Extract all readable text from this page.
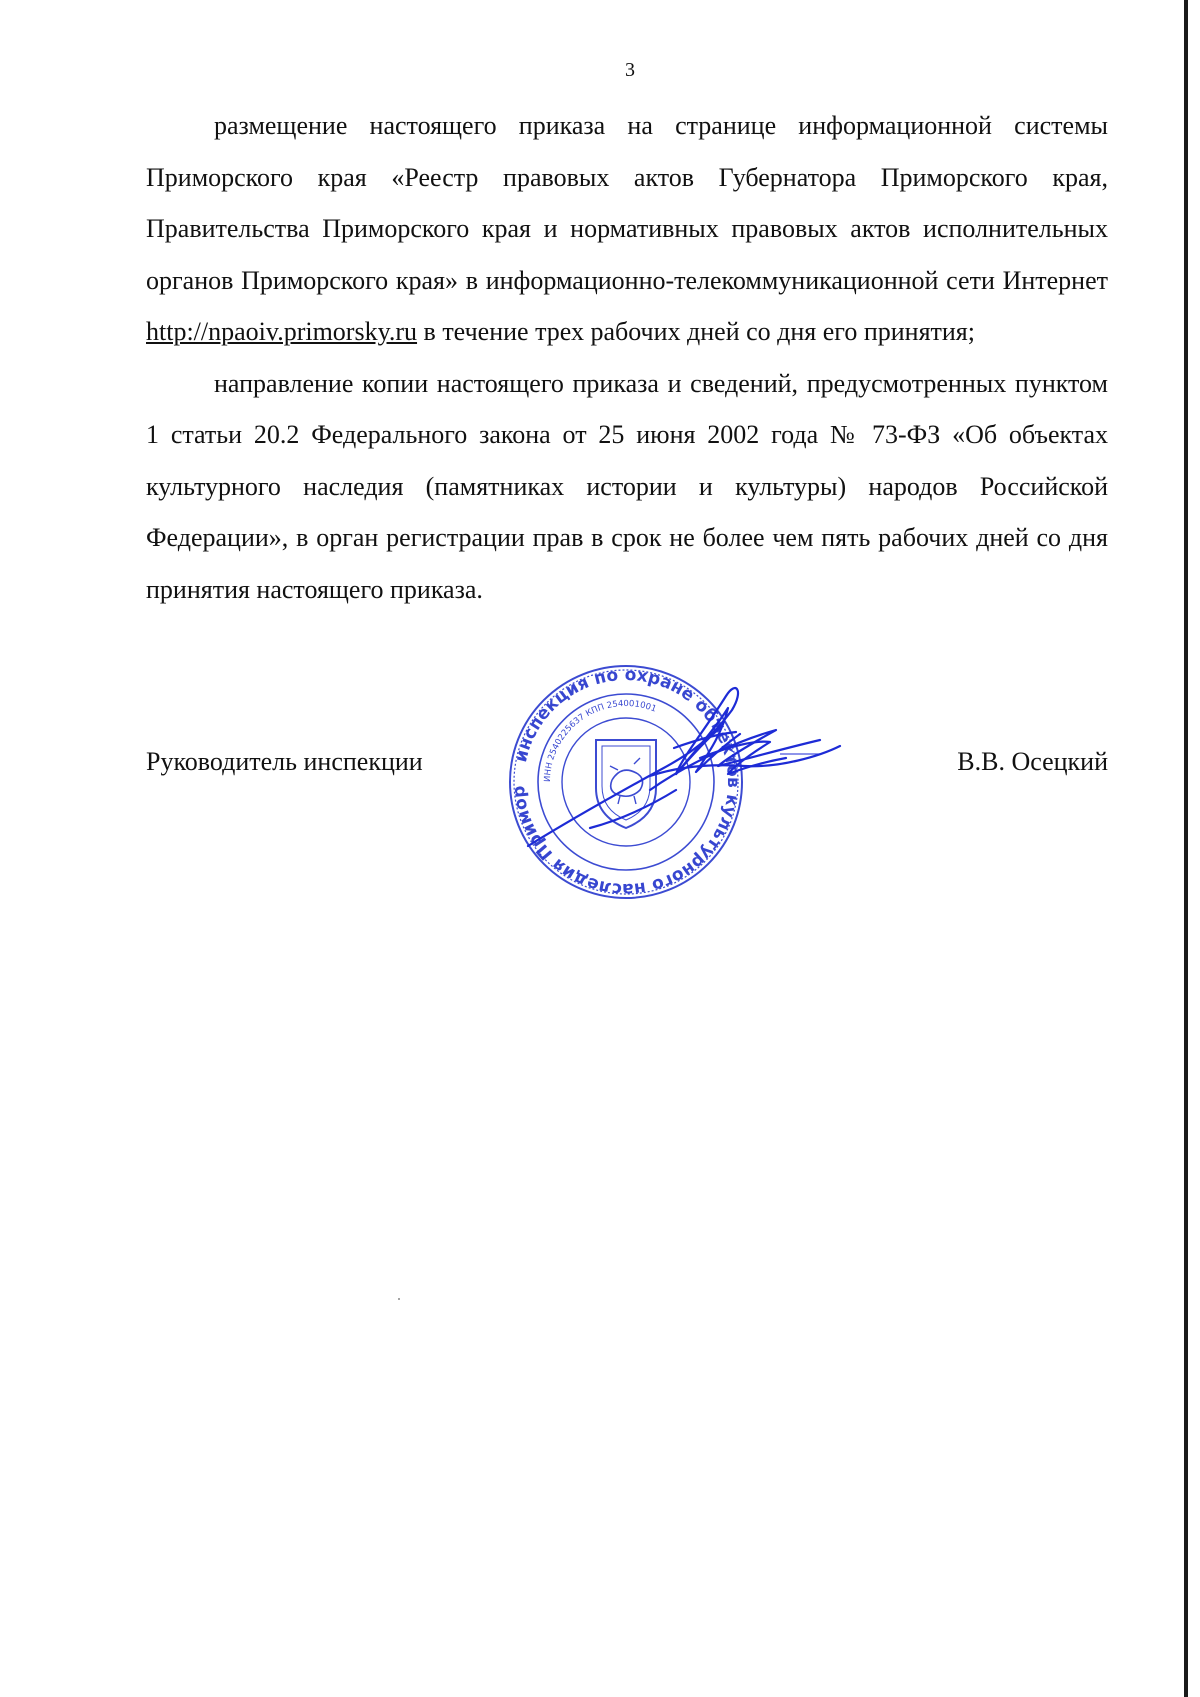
3

размещение настоящего приказа на странице информационной системы Приморского края «Реестр правовых актов Губернатора Приморского края, Правительства Приморского края и нормативных правовых актов исполнительных органов Приморского края» в информационно-телекоммуникационной сети Интернет http://npaoiv.primorsky.ru в течение трех рабочих дней со дня его принятия;

направление копии настоящего приказа и сведений, предусмотренных пунктом 1 статьи 20.2 Федерального закона от 25 июня 2002 года № 73-ФЗ «Об объектах культурного наследия (памятниках истории и культуры) народов Российской Федерации», в орган регистрации прав в срок не более чем пять рабочих дней со дня принятия настоящего приказа.

Руководитель инспекции	В.В. Осецкий
инспекция по охране объектов культурного наследия Приморского края * ОГРН 1162536096087 *
ИНН 2540225637 КПП 254001001
